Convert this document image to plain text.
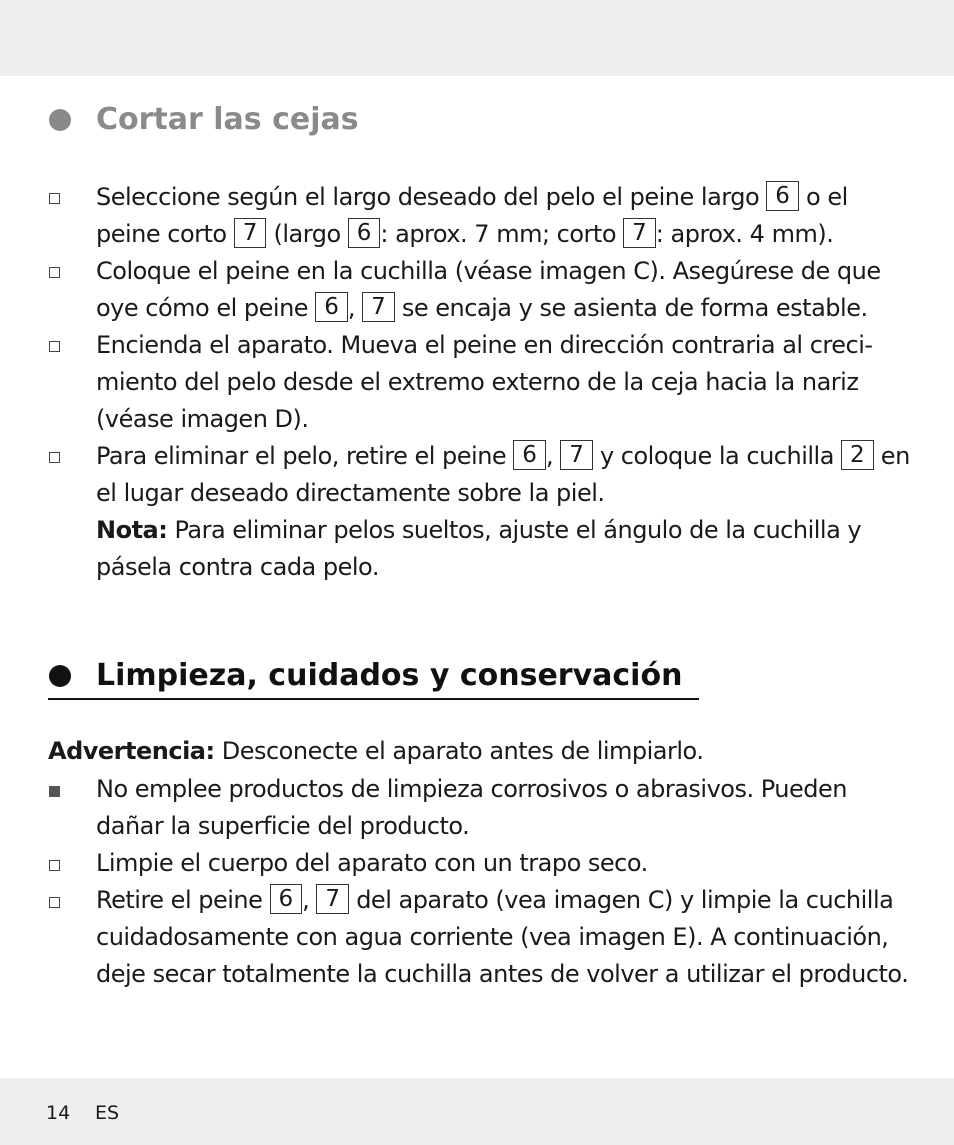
Cortar las cejas
Seleccione según el largo deseado del pelo el peine largo 6 o el peine corto 7 (largo 6 : aprox. 7 mm; corto 7 : aprox. 4 mm).
Coloque el peine en la cuchilla (véase imagen C). Asegúrese de que oye cómo el peine 6 , 7 se encaja y se asienta de forma estable.
Encienda el aparato. Mueva el peine en dirección contraria al creci-miento del pelo desde el extremo externo de la ceja hacia la nariz (véase imagen D).
Para eliminar el pelo, retire el peine 6 , 7 y coloque la cuchilla 2 en el lugar deseado directamente sobre la piel.
Nota: Para eliminar pelos sueltos, ajuste el ángulo de la cuchilla y pásela contra cada pelo.
Limpieza, cuidados y conservación
Advertencia: Desconecte el aparato antes de limpiarlo.
No emplee productos de limpieza corrosivos o abrasivos. Pueden dañar la superficie del producto.
Limpie el cuerpo del aparato con un trapo seco.
Retire el peine 6 , 7 del aparato (vea imagen C) y limpie la cuchilla cuidadosamente con agua corriente (vea imagen E). A continuación, deje secar totalmente la cuchilla antes de volver a utilizar el producto.
14 ES
